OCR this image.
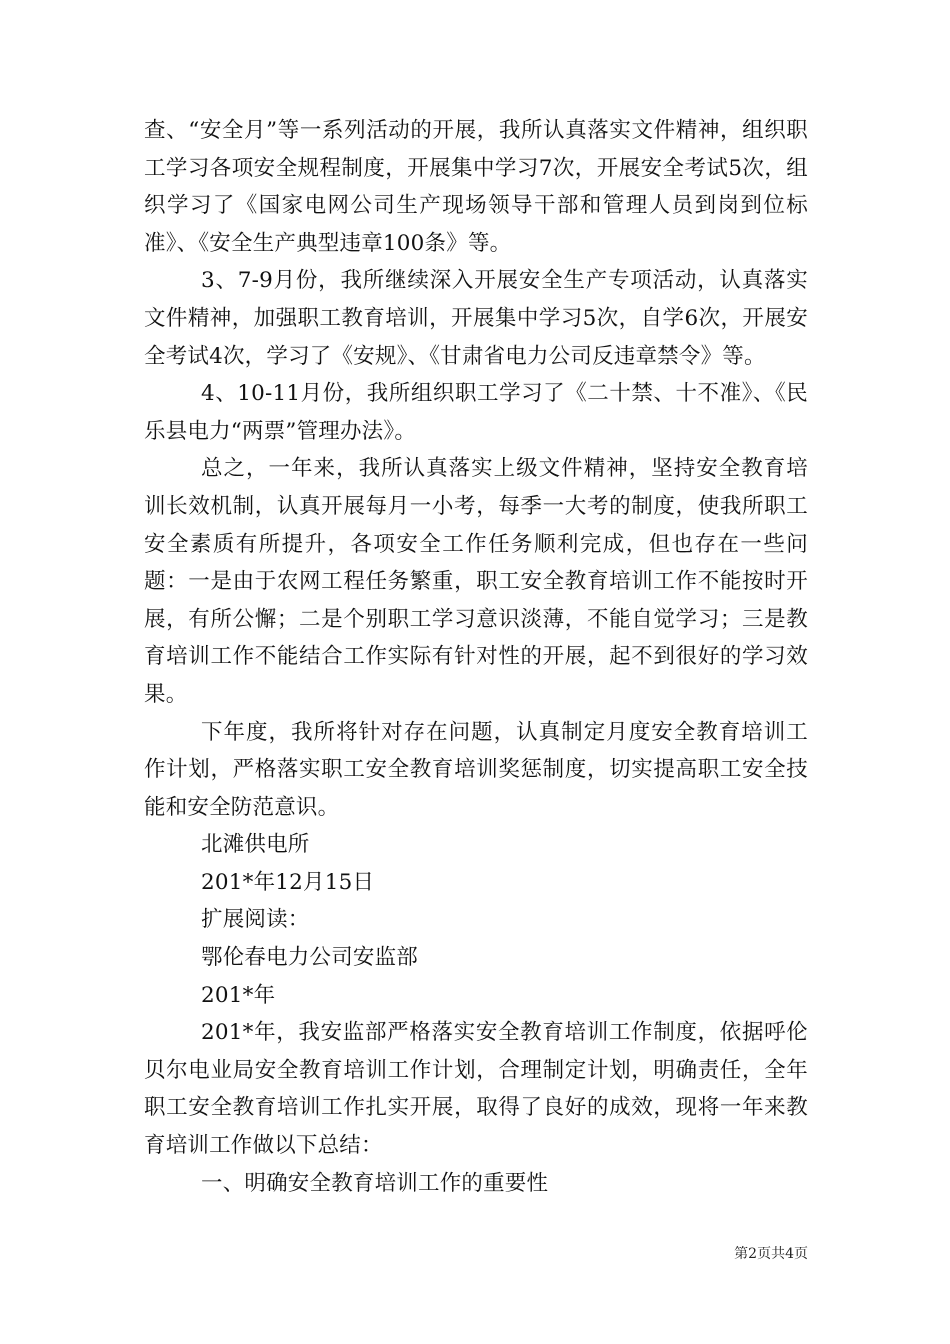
查、“安全月”等一系列活动的开展，我所认真落实文件精神，组织职工学习各项安全规程制度，开展集中学习7次，开展安全考试5次，组织学习了《国家电网公司生产现场领导干部和管理人员到岗到位标准》、《安全生产典型违章100条》等。

3、7-9月份，我所继续深入开展安全生产专项活动，认真落实文件精神，加强职工教育培训，开展集中学习5次，自学6次，开展安全考试4次，学习了《安规》、《甘肃省电力公司反违章禁令》等。

4、10-11月份，我所组织职工学习了《二十禁、十不准》、《民乐县电力“两票”管理办法》。

总之，一年来，我所认真落实上级文件精神，坚持安全教育培训长效机制，认真开展每月一小考，每季一大考的制度，使我所职工安全素质有所提升，各项安全工作任务顺利完成，但也存在一些问题：一是由于农网工程任务繁重，职工安全教育培训工作不能按时开展，有所公懈；二是个别职工学习意识淡薄，不能自觉学习；三是教育培训工作不能结合工作实际有针对性的开展，起不到很好的学习效果。

下年度，我所将针对存在问题，认真制定月度安全教育培训工作计划，严格落实职工安全教育培训奖惩制度，切实提高职工安全技能和安全防范意识。

北滩供电所
201*年12月15日
扩展阅读：
鄂伦春电力公司安监部
201*年

201*年，我安监部严格落实安全教育培训工作制度，依据呼伦贝尔电业局安全教育培训工作计划，合理制定计划，明确责任，全年职工安全教育培训工作扎实开展，取得了良好的成效，现将一年来教育培训工作做以下总结：

一、明确安全教育培训工作的重要性
第2页共4页
